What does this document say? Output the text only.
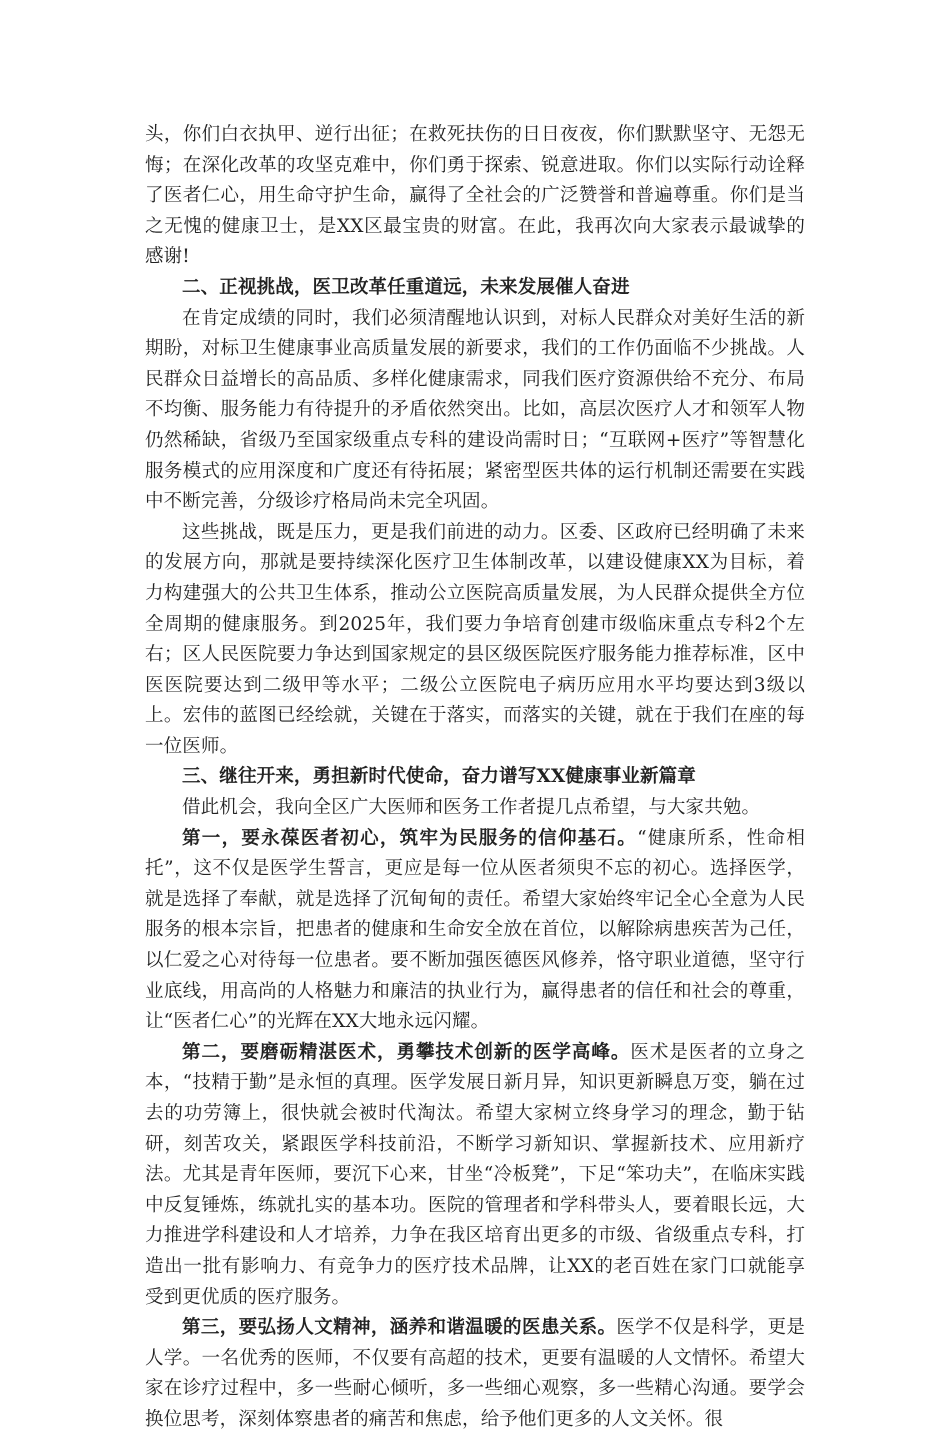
头，你们白衣执甲、逆行出征；在救死扶伤的日日夜夜，你们默默坚守、无怨无悔；在深化改革的攻坚克难中，你们勇于探索、锐意进取。你们以实际行动诠释了医者仁心，用生命守护生命，赢得了全社会的广泛赞誉和普遍尊重。你们是当之无愧的健康卫士，是XX区最宝贵的财富。在此，我再次向大家表示最诚挚的感谢!

二、正视挑战，医卫改革任重道远，未来发展催人奋进

在肯定成绩的同时，我们必须清醒地认识到，对标人民群众对美好生活的新期盼，对标卫生健康事业高质量发展的新要求，我们的工作仍面临不少挑战。人民群众日益增长的高品质、多样化健康需求，同我们医疗资源供给不充分、布局不均衡、服务能力有待提升的矛盾依然突出。比如，高层次医疗人才和领军人物仍然稀缺，省级乃至国家级重点专科的建设尚需时日；“互联网+医疗”等智慧化服务模式的应用深度和广度还有待拓展；紧密型医共体的运行机制还需要在实践中不断完善，分级诊疗格局尚未完全巩固。

这些挑战，既是压力，更是我们前进的动力。区委、区政府已经明确了未来的发展方向，那就是要持续深化医疗卫生体制改革，以建设健康XX为目标，着力构建强大的公共卫生体系，推动公立医院高质量发展，为人民群众提供全方位全周期的健康服务。到2025年，我们要力争培育创建市级临床重点专科2个左右；区人民医院要力争达到国家规定的县区级医院医疗服务能力推荐标准，区中医医院要达到二级甲等水平；二级公立医院电子病历应用水平均要达到3级以上。宏伟的蓝图已经绘就，关键在于落实，而落实的关键，就在于我们在座的每一位医师。

三、继往开来，勇担新时代使命，奋力谱写XX健康事业新篇章

借此机会，我向全区广大医师和医务工作者提几点希望，与大家共勉。

第一，要永葆医者初心，筑牢为民服务的信仰基石。“健康所系，性命相托”，这不仅是医学生誓言，更应是每一位从医者须臾不忘的初心。选择医学，就是选择了奉献，就是选择了沉甸甸的责任。希望大家始终牢记全心全意为人民服务的根本宗旨，把患者的健康和生命安全放在首位，以解除病患疾苦为己任，以仁爱之心对待每一位患者。要不断加强医德医风修养，恪守职业道德，坚守行业底线，用高尚的人格魅力和廉洁的执业行为，赢得患者的信任和社会的尊重，让“医者仁心”的光辉在XX大地永远闪耀。

第二，要磨砺精湛医术，勇攀技术创新的医学高峰。医术是医者的立身之本，“技精于勤”是永恒的真理。医学发展日新月异，知识更新瞬息万变，躺在过去的功劳簿上，很快就会被时代淘汰。希望大家树立终身学习的理念，勤于钻研，刻苦攻关，紧跟医学科技前沿，不断学习新知识、掌握新技术、应用新疗法。尤其是青年医师，要沉下心来，甘坐“冷板凳”，下足“笨功夫”，在临床实践中反复锤炼，练就扎实的基本功。医院的管理者和学科带头人，要着眼长远，大力推进学科建设和人才培养，力争在我区培育出更多的市级、省级重点专科，打造出一批有影响力、有竞争力的医疗技术品牌，让XX的老百姓在家门口就能享受到更优质的医疗服务。

第三，要弘扬人文精神，涵养和谐温暖的医患关系。医学不仅是科学，更是人学。一名优秀的医师，不仅要有高超的技术，更要有温暖的人文情怀。希望大家在诊疗过程中，多一些耐心倾听，多一些细心观察，多一些精心沟通。要学会换位思考，深刻体察患者的痛苦和焦虑，给予他们更多的人文关怀。很
